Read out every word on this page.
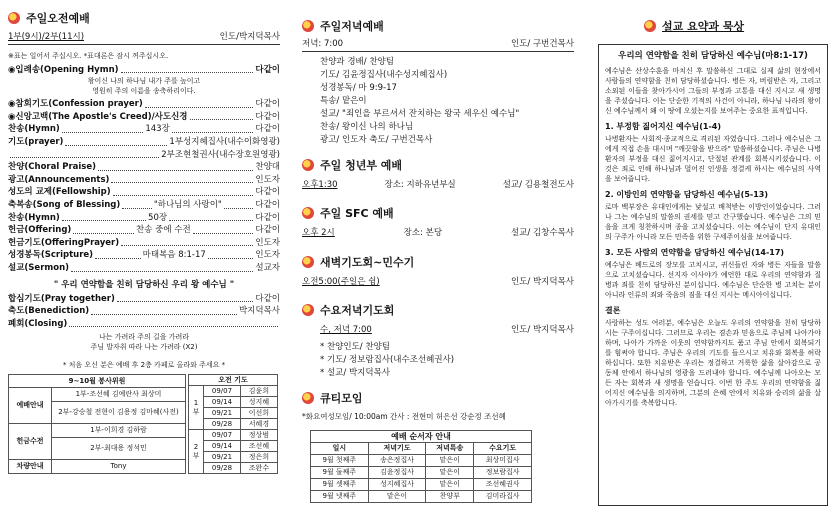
주일오전예배
1부(9시)/2부(11시)	인도/박지덕목사
※표는 일어서 주십시오. *표대론은 잠시 꺼주십시오.
◉입례송(Opening Hymn)	다같이
왕이신 나의 하나님 내가 주를 높이고
영원히 주의 이름을 송축하리이다.
◉참회기도(Confession prayer)	다같이
◉신앙고백(The Apostle's Creed)/사도신경	다같이
찬송(Hymn)	143장	다같이
기도(prayer)	1부성지혜집사(내수이화영광)
2부조현철권사(내수장호원영광)
찬양(Choral Praise)	찬양대
광고(Announcements)	인도자
성도의 교제(Fellowship)	다같이
축복송(Song of Blessing)	"하나님의 사랑이"	다같이
찬송(Hymn)	50장	다같이
헌금(Offering)	찬송 중에 수전	다같이
헌금기도(OfferingPrayer)	인도자
성경봉독(Scripture)	마태복음 8:1-17	인도자
설교(Sermon)	설교자
" 우리 연약함을 친히 담당하신 우리 왕 예수님 "
합심기도(Pray together)	다같이
축도(Benediction)	박지덕목사
폐회(Closing)
나는 가려라 주의 길을 가려라
주님 발자취 따라 나는 가려라 (X2)
* 처음 오신 분은 예배 후 2층 카페로 올라와 주세요 *
9~10월 봉사위원	
예배안내	1부-조선혜 김예란사 최상미
	2부-강승철 전현이 김용정 김마혜(사전)
헌금수전	1부-이희경 김하람
	2부-최대용 정석민
차량안내	Tony
오전 기도		
1부	09/07	김윤희
	09/14	성지혜
	09/21	이선희
	09/28	서혜경
2부	09/07	정상범
	09/14	조선혜
	09/21	정은희
	09/28	조완수
주일저녁예배
저녁: 7:00	인도/ 구번건목사
찬양과 경배/ 찬양팀
기도/ 김윤정집사(내수성지혜집사)
성경봉독/ 마 9:9-17
특송/ 맡은이
설교/ "죄인을 부르셔서 잔치하는 왕국 세우신 예수님"
찬송/ 왕이신 나의 하나님
광고/ 인도자 축도/ 구번건목사
주일 청년부 예배
오후1:30	장소: 지하유년부실	설교/ 김용철전도사
주일 SFC 예배
오후 2시	장소: 본당	설교/ 김창수목사
새벽기도회~민수기
오전5:00(주일은 쉼)	인도/ 박지덕목사
수요저녁기도회
수, 저녁 7:00	인도/ 박지덕목사
* 찬양인도/ 찬양팀
* 기도/ 정보람집사(내수조선혜권사)
* 설교/ 박지덕목사
큐티모임
*화요여성모임/ 10:00am 간사 : 전현미 허은선 강순정 조선혜
예배 순서자 안내			
일시	저녁기도	저녁특송	수요기도
9월 첫째주	송은정집사	맡은이	최상미집사
9월 둘째주	김윤정집사	맡은이	정보람집사
9월 셋째주	성지혜집사	맡은이	조선혜권사
9월 넷째주	맡은이	찬양부	김미라집사
설교 요약과 묵상
우리의 연약함을 친히 담당하신 예수님(마8:1-17)

예수님은 산상수훈을 마치신 후 말씀하신 그대로 실제 삶의 현장에서 사람들의 연약함을 친히 담당하셨습니다. 병든 자, 버림받은 자, 그리고 소외된 이들을 찾아가시어 그들의 부정과 고통을 대신 지시고 새 생명을 주셨습니다. 이는 단순한 기적의 사건이 아니라, 하나님 나라의 왕이신 예수님께서 왜 이 땅에 오셨는지를 보여주는 중요한 표적입니다.

1. 부정함 짊어지신 예수님(1-4)

나병환자는 사회적·종교적으로 격리된 자였습니다. 그러나 예수님은 그에게 직접 손을 대시며 "깨끗함을 받으라" 말씀하셨습니다. 주님은 나병환자의 부정을 대신 짊어지시고, 단절된 관계를 회복시키셨습니다. 이것은 죄로 인해 하나님과 멀어진 인생을 정결케 하시는 예수님의 사역을 보여줍니다.

2. 이방인의 연약함을 담당하신 예수님(5-13)

로마 백부장은 유대인에게는 낯설고 배척받는 이방인이었습니다. 그러나 그는 예수님의 말씀의 권세를 믿고 간구했습니다. 예수님은 그의 믿음을 크게 칭찬하시며 종을 고치셨습니다. 이는 예수님이 단지 유대인의 구주가 아니라 모든 민족을 위한 구세주이심을 보여줍니다.

3. 모든 사람의 연약함을 담당하신 예수님(14-17)

예수님은 베드로의 장모를 고치시고, 귀신들린 자와 병든 자들을 말씀으로 고치셨습니다. 선지자 이사야가 예언한 대로 우리의 연약함과 질병과 죄를 친히 담당하신 분이십니다. 예수님은 단순한 병 고치는 분이 아니라 인류의 죄와 죽음의 짐을 대신 지시는 메시아이십니다.

결론

사랑하는 성도 여러분, 예수님은 오늘도 우리의 연약함을 친히 담당하시는 구주이십니다. 그러므로 우리는 겸손과 믿음으로 주님께 나아가야 하며, 나아가 가까운 이웃의 연약함까지도 품고 주님 안에서 회복되기를 힘써야 합니다. 주님은 우리의 기도를 들으시고 치유와 회복을 허락하십니다. 또한 치유받은 우리는 정결하고 거룩한 삶을 살아감으로 공동체 안에서 하나님의 영광을 드러내야 합니다. 예수님께 나아오는 모든 자는 회복과 새 생명을 얻습니다. 이번 한 주도 우리의 연약함을 짊어지신 예수님을 의지하며, 그분의 은혜 안에서 치유와 승리의 삶을 살아가시기를 축복합니다.
